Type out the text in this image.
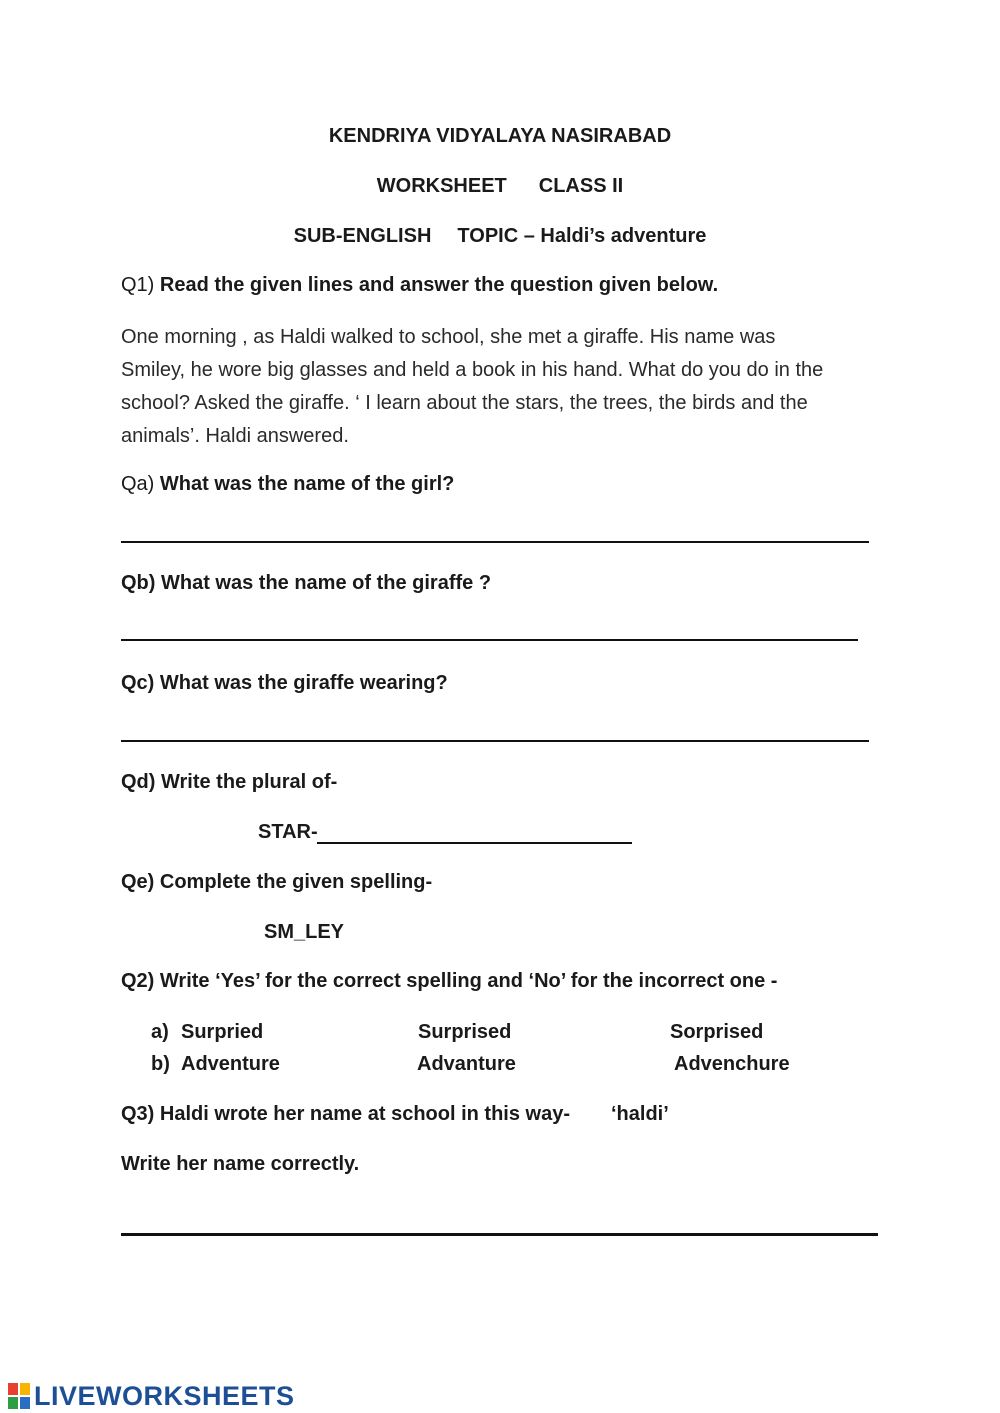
KENDRIYA VIDYALAYA NASIRABAD
WORKSHEET CLASS II
SUB-ENGLISH TOPIC – Haldi’s adventure
Q1) Read the given lines and answer the question given below.
One morning , as Haldi walked to school, she met a giraffe. His name was
Smiley, he wore big glasses and held a book in his hand. What do you do in the
school? Asked the giraffe. ‘ I learn about the stars, the trees, the birds and the
animals’. Haldi answered.
Qa) What was the name of the girl?
Qb) What was the name of the giraffe ?
Qc) What was the giraffe wearing?
Qd) Write the plural of-
STAR-
Qe) Complete the given spelling-
SM_LEY
Q2) Write ‘Yes’ for the correct spelling and ‘No’ for the incorrect one -
a) Surpried	Surprised	Sorprised
b) Adventure	Advanture	Advenchure
Q3) Haldi wrote her name at school in this way- ‘haldi’
Write her name correctly.
LIVEWORKSHEETS
